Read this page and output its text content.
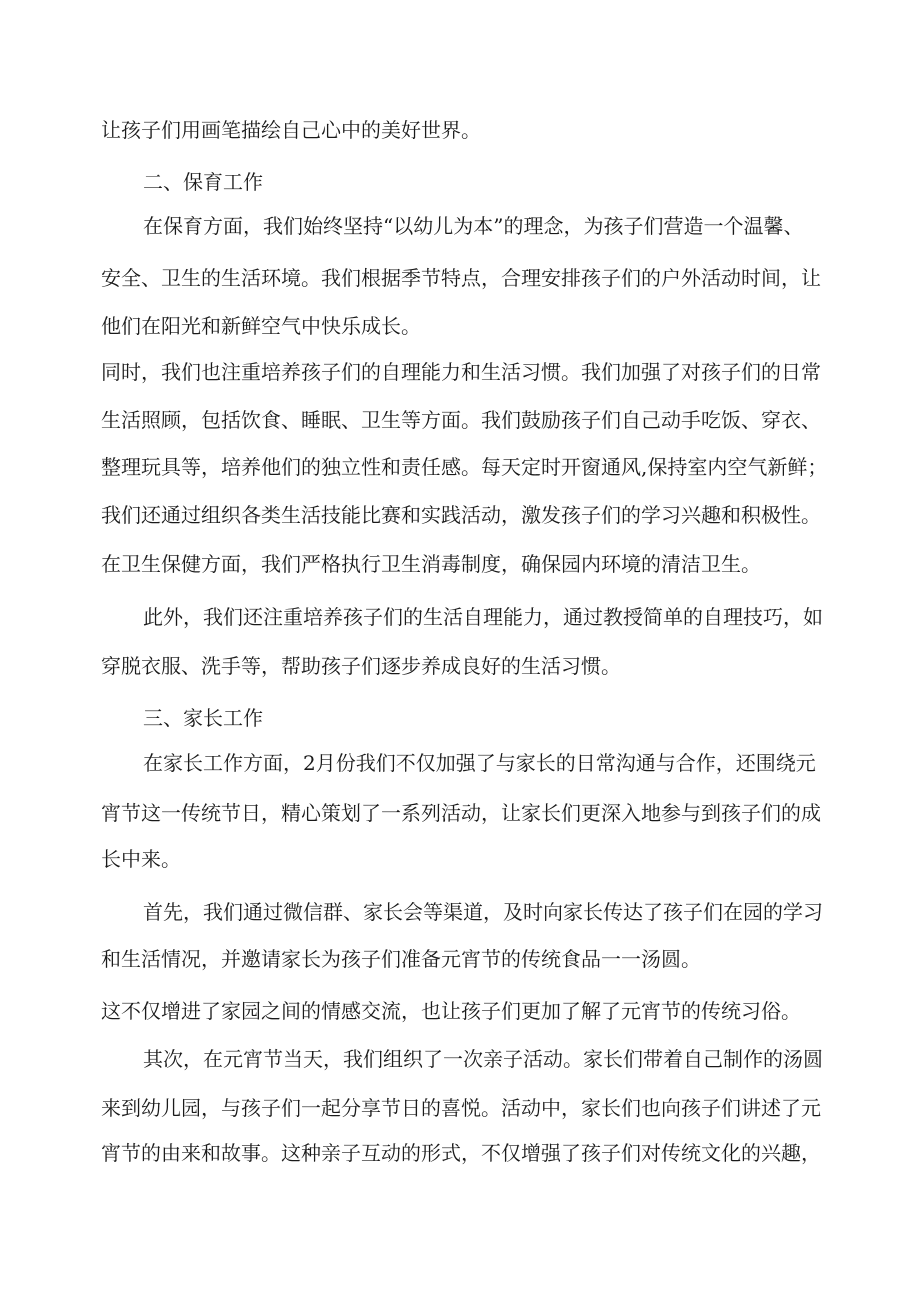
让孩子们用画笔描绘自己心中的美好世界。

二、保育工作

在保育方面，我们始终坚持“以幼儿为本”的理念，为孩子们营造一个温馨、

安全、卫生的生活环境。我们根据季节特点，合理安排孩子们的户外活动时间，让

他们在阳光和新鲜空气中快乐成长。

同时，我们也注重培养孩子们的自理能力和生活习惯。我们加强了对孩子们的日常

生活照顾，包括饮食、睡眠、卫生等方面。我们鼓励孩子们自己动手吃饭、穿衣、

整理玩具等，培养他们的独立性和责任感。每天定时开窗通风,保持室内空气新鲜；

我们还通过组织各类生活技能比赛和实践活动，激发孩子们的学习兴趣和积极性。

在卫生保健方面，我们严格执行卫生消毒制度，确保园内环境的清洁卫生。

此外，我们还注重培养孩子们的生活自理能力，通过教授简单的自理技巧，如

穿脱衣服、洗手等，帮助孩子们逐步养成良好的生活习惯。

三、家长工作

在家长工作方面，2月份我们不仅加强了与家长的日常沟通与合作，还围绕元

宵节这一传统节日，精心策划了一系列活动，让家长们更深入地参与到孩子们的成

长中来。

首先，我们通过微信群、家长会等渠道，及时向家长传达了孩子们在园的学习

和生活情况，并邀请家长为孩子们准备元宵节的传统食品一一汤圆。

这不仅增进了家园之间的情感交流，也让孩子们更加了解了元宵节的传统习俗。

其次，在元宵节当天，我们组织了一次亲子活动。家长们带着自己制作的汤圆

来到幼儿园，与孩子们一起分享节日的喜悦。活动中，家长们也向孩子们讲述了元

宵节的由来和故事。这种亲子互动的形式，不仅增强了孩子们对传统文化的兴趣，
